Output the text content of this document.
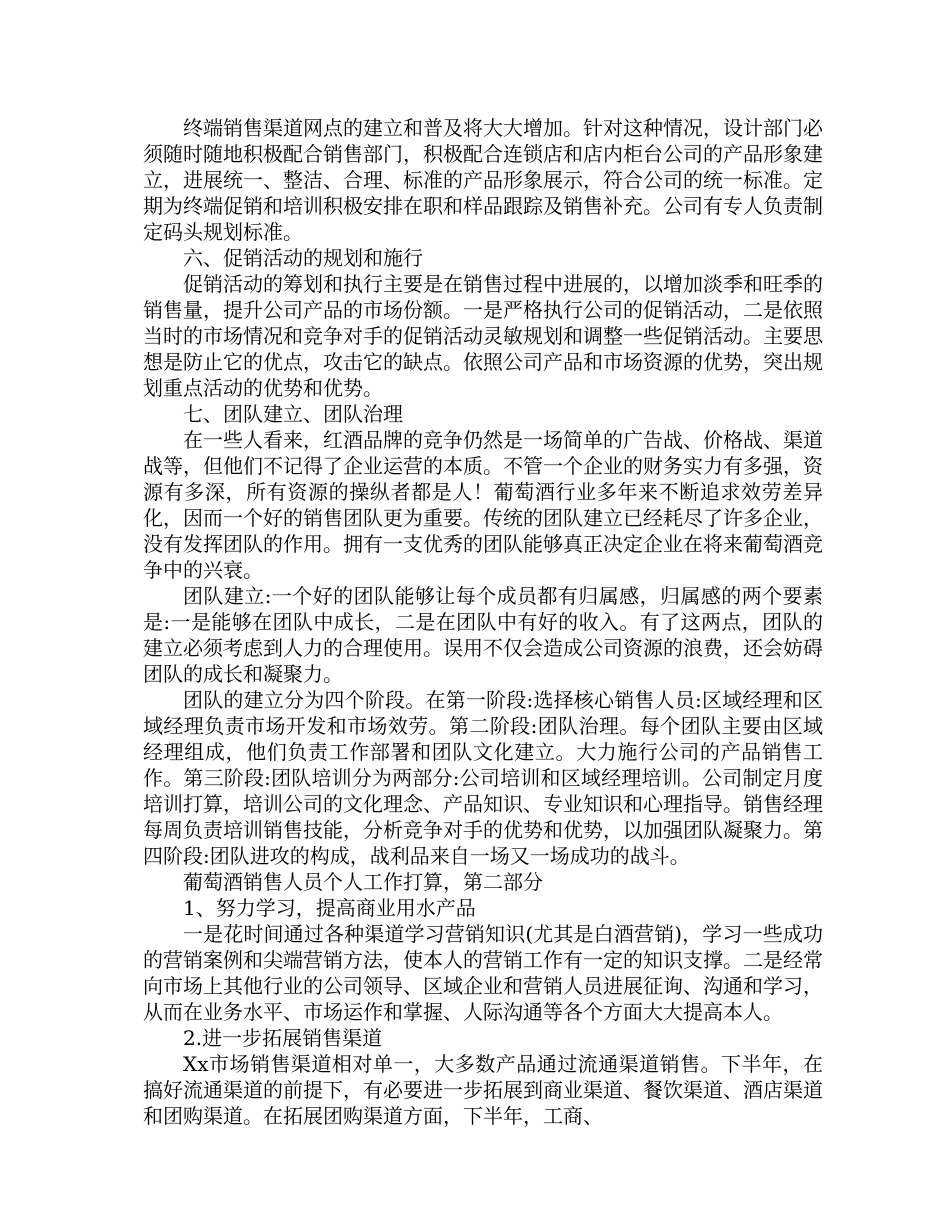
终端销售渠道网点的建立和普及将大大增加。针对这种情况，设计部门必须随时随地积极配合销售部门，积极配合连锁店和店内柜台公司的产品形象建立，进展统一、整洁、合理、标准的产品形象展示，符合公司的统一标准。定期为终端促销和培训积极安排在职和样品跟踪及销售补充。公司有专人负责制定码头规划标准。

六、促销活动的规划和施行

促销活动的筹划和执行主要是在销售过程中进展的，以增加淡季和旺季的销售量，提升公司产品的市场份额。一是严格执行公司的促销活动，二是依照当时的市场情况和竞争对手的促销活动灵敏规划和调整一些促销活动。主要思想是防止它的优点，攻击它的缺点。依照公司产品和市场资源的优势，突出规划重点活动的优势和优势。

七、团队建立、团队治理

在一些人看来，红酒品牌的竞争仍然是一场简单的广告战、价格战、渠道战等，但他们不记得了企业运营的本质。不管一个企业的财务实力有多强，资源有多深，所有资源的操纵者都是人！葡萄酒行业多年来不断追求效劳差异化，因而一个好的销售团队更为重要。传统的团队建立已经耗尽了许多企业，没有发挥团队的作用。拥有一支优秀的团队能够真正决定企业在将来葡萄酒竞争中的兴衰。

团队建立:一个好的团队能够让每个成员都有归属感，归属感的两个要素是:一是能够在团队中成长，二是在团队中有好的收入。有了这两点，团队的建立必须考虑到人力的合理使用。误用不仅会造成公司资源的浪费，还会妨碍团队的成长和凝聚力。

团队的建立分为四个阶段。在第一阶段:选择核心销售人员:区域经理和区域经理负责市场开发和市场效劳。第二阶段:团队治理。每个团队主要由区域经理组成，他们负责工作部署和团队文化建立。大力施行公司的产品销售工作。第三阶段:团队培训分为两部分:公司培训和区域经理培训。公司制定月度培训打算，培训公司的文化理念、产品知识、专业知识和心理指导。销售经理每周负责培训销售技能，分析竞争对手的优势和优势，以加强团队凝聚力。第四阶段:团队进攻的构成，战利品来自一场又一场成功的战斗。

葡萄酒销售人员个人工作打算，第二部分

1、努力学习，提高商业用水产品

一是花时间通过各种渠道学习营销知识(尤其是白酒营销)，学习一些成功的营销案例和尖端营销方法，使本人的营销工作有一定的知识支撑。二是经常向市场上其他行业的公司领导、区域企业和营销人员进展征询、沟通和学习，从而在业务水平、市场运作和掌握、人际沟通等各个方面大大提高本人。

2.进一步拓展销售渠道

Xx市场销售渠道相对单一，大多数产品通过流通渠道销售。下半年，在搞好流通渠道的前提下，有必要进一步拓展到商业渠道、餐饮渠道、酒店渠道和团购渠道。在拓展团购渠道方面，下半年，工商、
